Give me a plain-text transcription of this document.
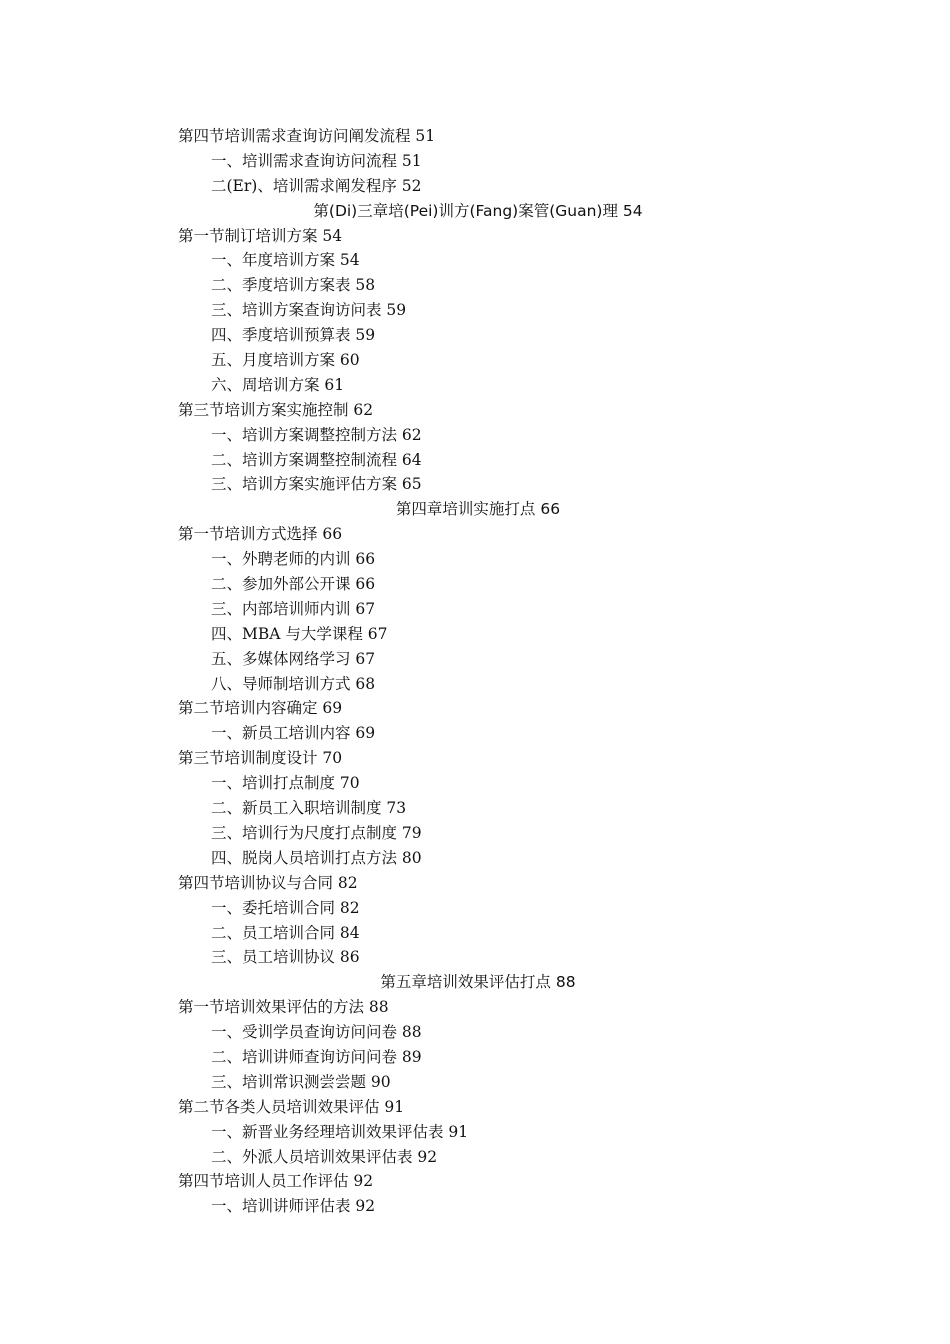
第四节培训需求查询访问阐发流程 51
一、培训需求查询访问流程 51
二(Er)、培训需求阐发程序 52
第(Di)三章培(Pei)训方(Fang)案管(Guan)理 54
第一节制订培训方案 54
一、年度培训方案 54
二、季度培训方案表 58
三、培训方案查询访问表 59
四、季度培训预算表 59
五、月度培训方案 60
六、周培训方案 61
第三节培训方案实施控制 62
一、培训方案调整控制方法 62
二、培训方案调整控制流程 64
三、培训方案实施评估方案 65
第四章培训实施打点 66
第一节培训方式选择 66
一、外聘老师的内训 66
二、参加外部公开课 66
三、内部培训师内训 67
四、MBA 与大学课程 67
五、多媒体网络学习 67
八、导师制培训方式 68
第二节培训内容确定 69
一、新员工培训内容 69
第三节培训制度设计 70
一、培训打点制度 70
二、新员工入职培训制度 73
三、培训行为尺度打点制度 79
四、脱岗人员培训打点方法 80
第四节培训协议与合同 82
一、委托培训合同 82
二、员工培训合同 84
三、员工培训协议 86
第五章培训效果评估打点 88
第一节培训效果评估的方法 88
一、受训学员查询访问问卷 88
二、培训讲师查询访问问卷 89
三、培训常识测尝尝题 90
第二节各类人员培训效果评估 91
一、新晋业务经理培训效果评估表 91
二、外派人员培训效果评估表 92
第四节培训人员工作评估 92
一、培训讲师评估表 92
